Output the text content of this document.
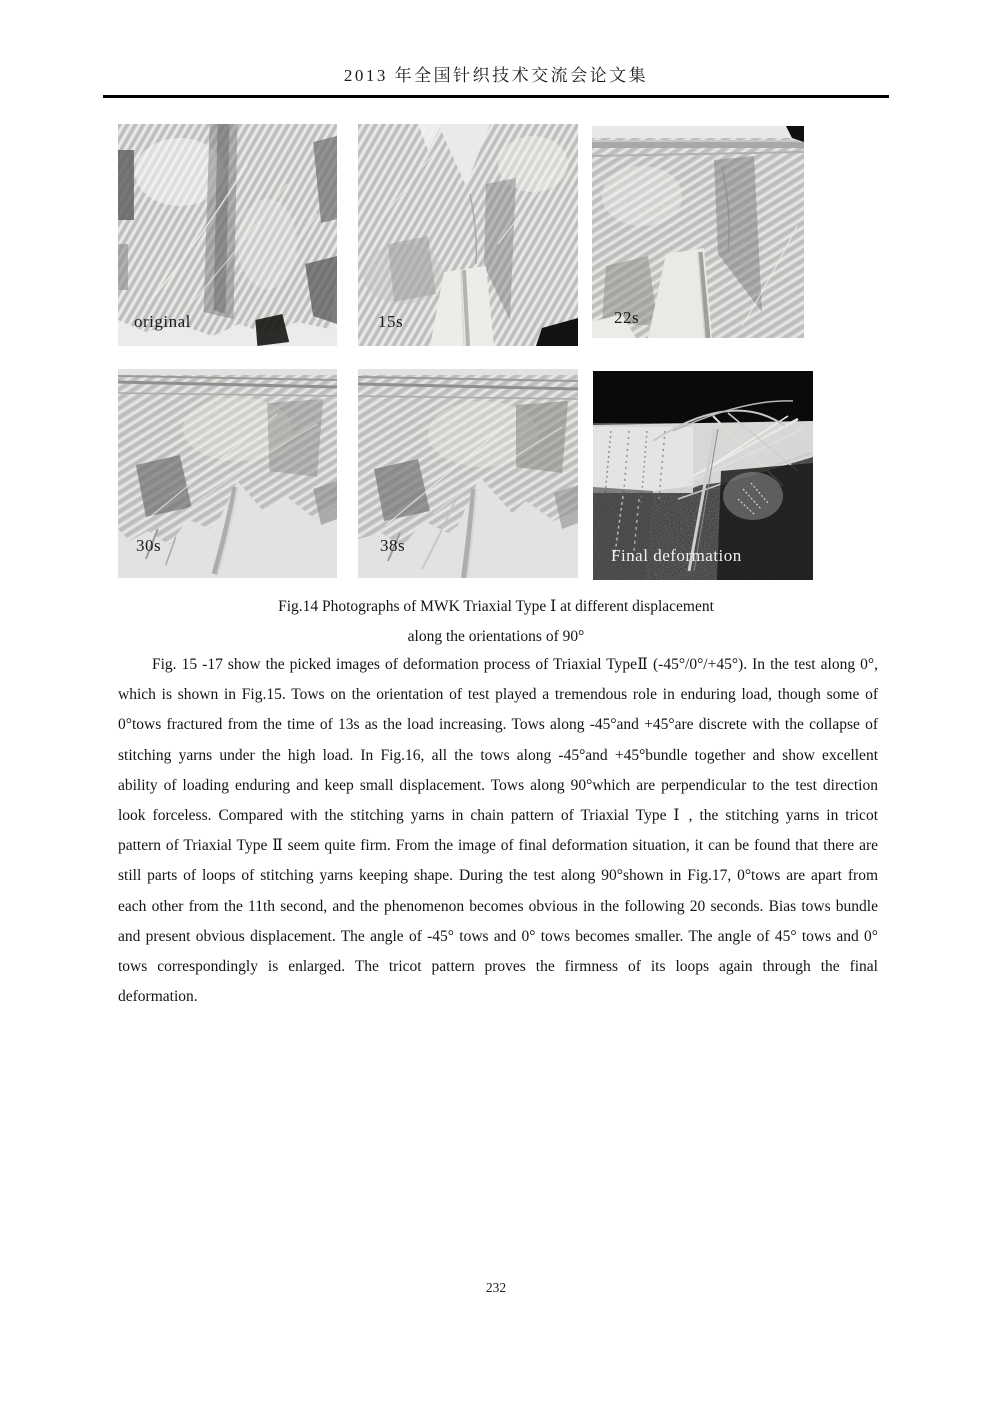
2013 年全国针织技术交流会论文集
original	15s	22s
30s	38s
Final deformation
Fig.14 Photographs of MWK Triaxial Type Ⅰ at different displacement
along the orientations of 90°
Fig. 15 -17 show the picked images of deformation process of Triaxial TypeⅡ (-45°/0°/+45°). In the test along 0°, which is shown in Fig.15. Tows on the orientation of test played a tremendous role in enduring load, though some of 0°tows fractured from the time of 13s as the load increasing. Tows along -45°and +45°are discrete with the collapse of stitching yarns under the high load. In Fig.16, all the tows along -45°and +45°bundle together and show excellent ability of loading enduring and keep small displacement. Tows along 90°which are perpendicular to the test direction look forceless. Compared with the stitching yarns in chain pattern of Triaxial Type Ⅰ , the stitching yarns in tricot pattern of Triaxial Type Ⅱ seem quite firm. From the image of final deformation situation, it can be found that there are still parts of loops of stitching yarns keeping shape. During the test along 90°shown in Fig.17, 0°tows are apart from each other from the 11th second, and the phenomenon becomes obvious in the following 20 seconds. Bias tows bundle and present obvious displacement. The angle of -45° tows and 0° tows becomes smaller. The angle of 45° tows and 0° tows correspondingly is enlarged. The tricot pattern proves the firmness of its loops again through the final deformation.
232
